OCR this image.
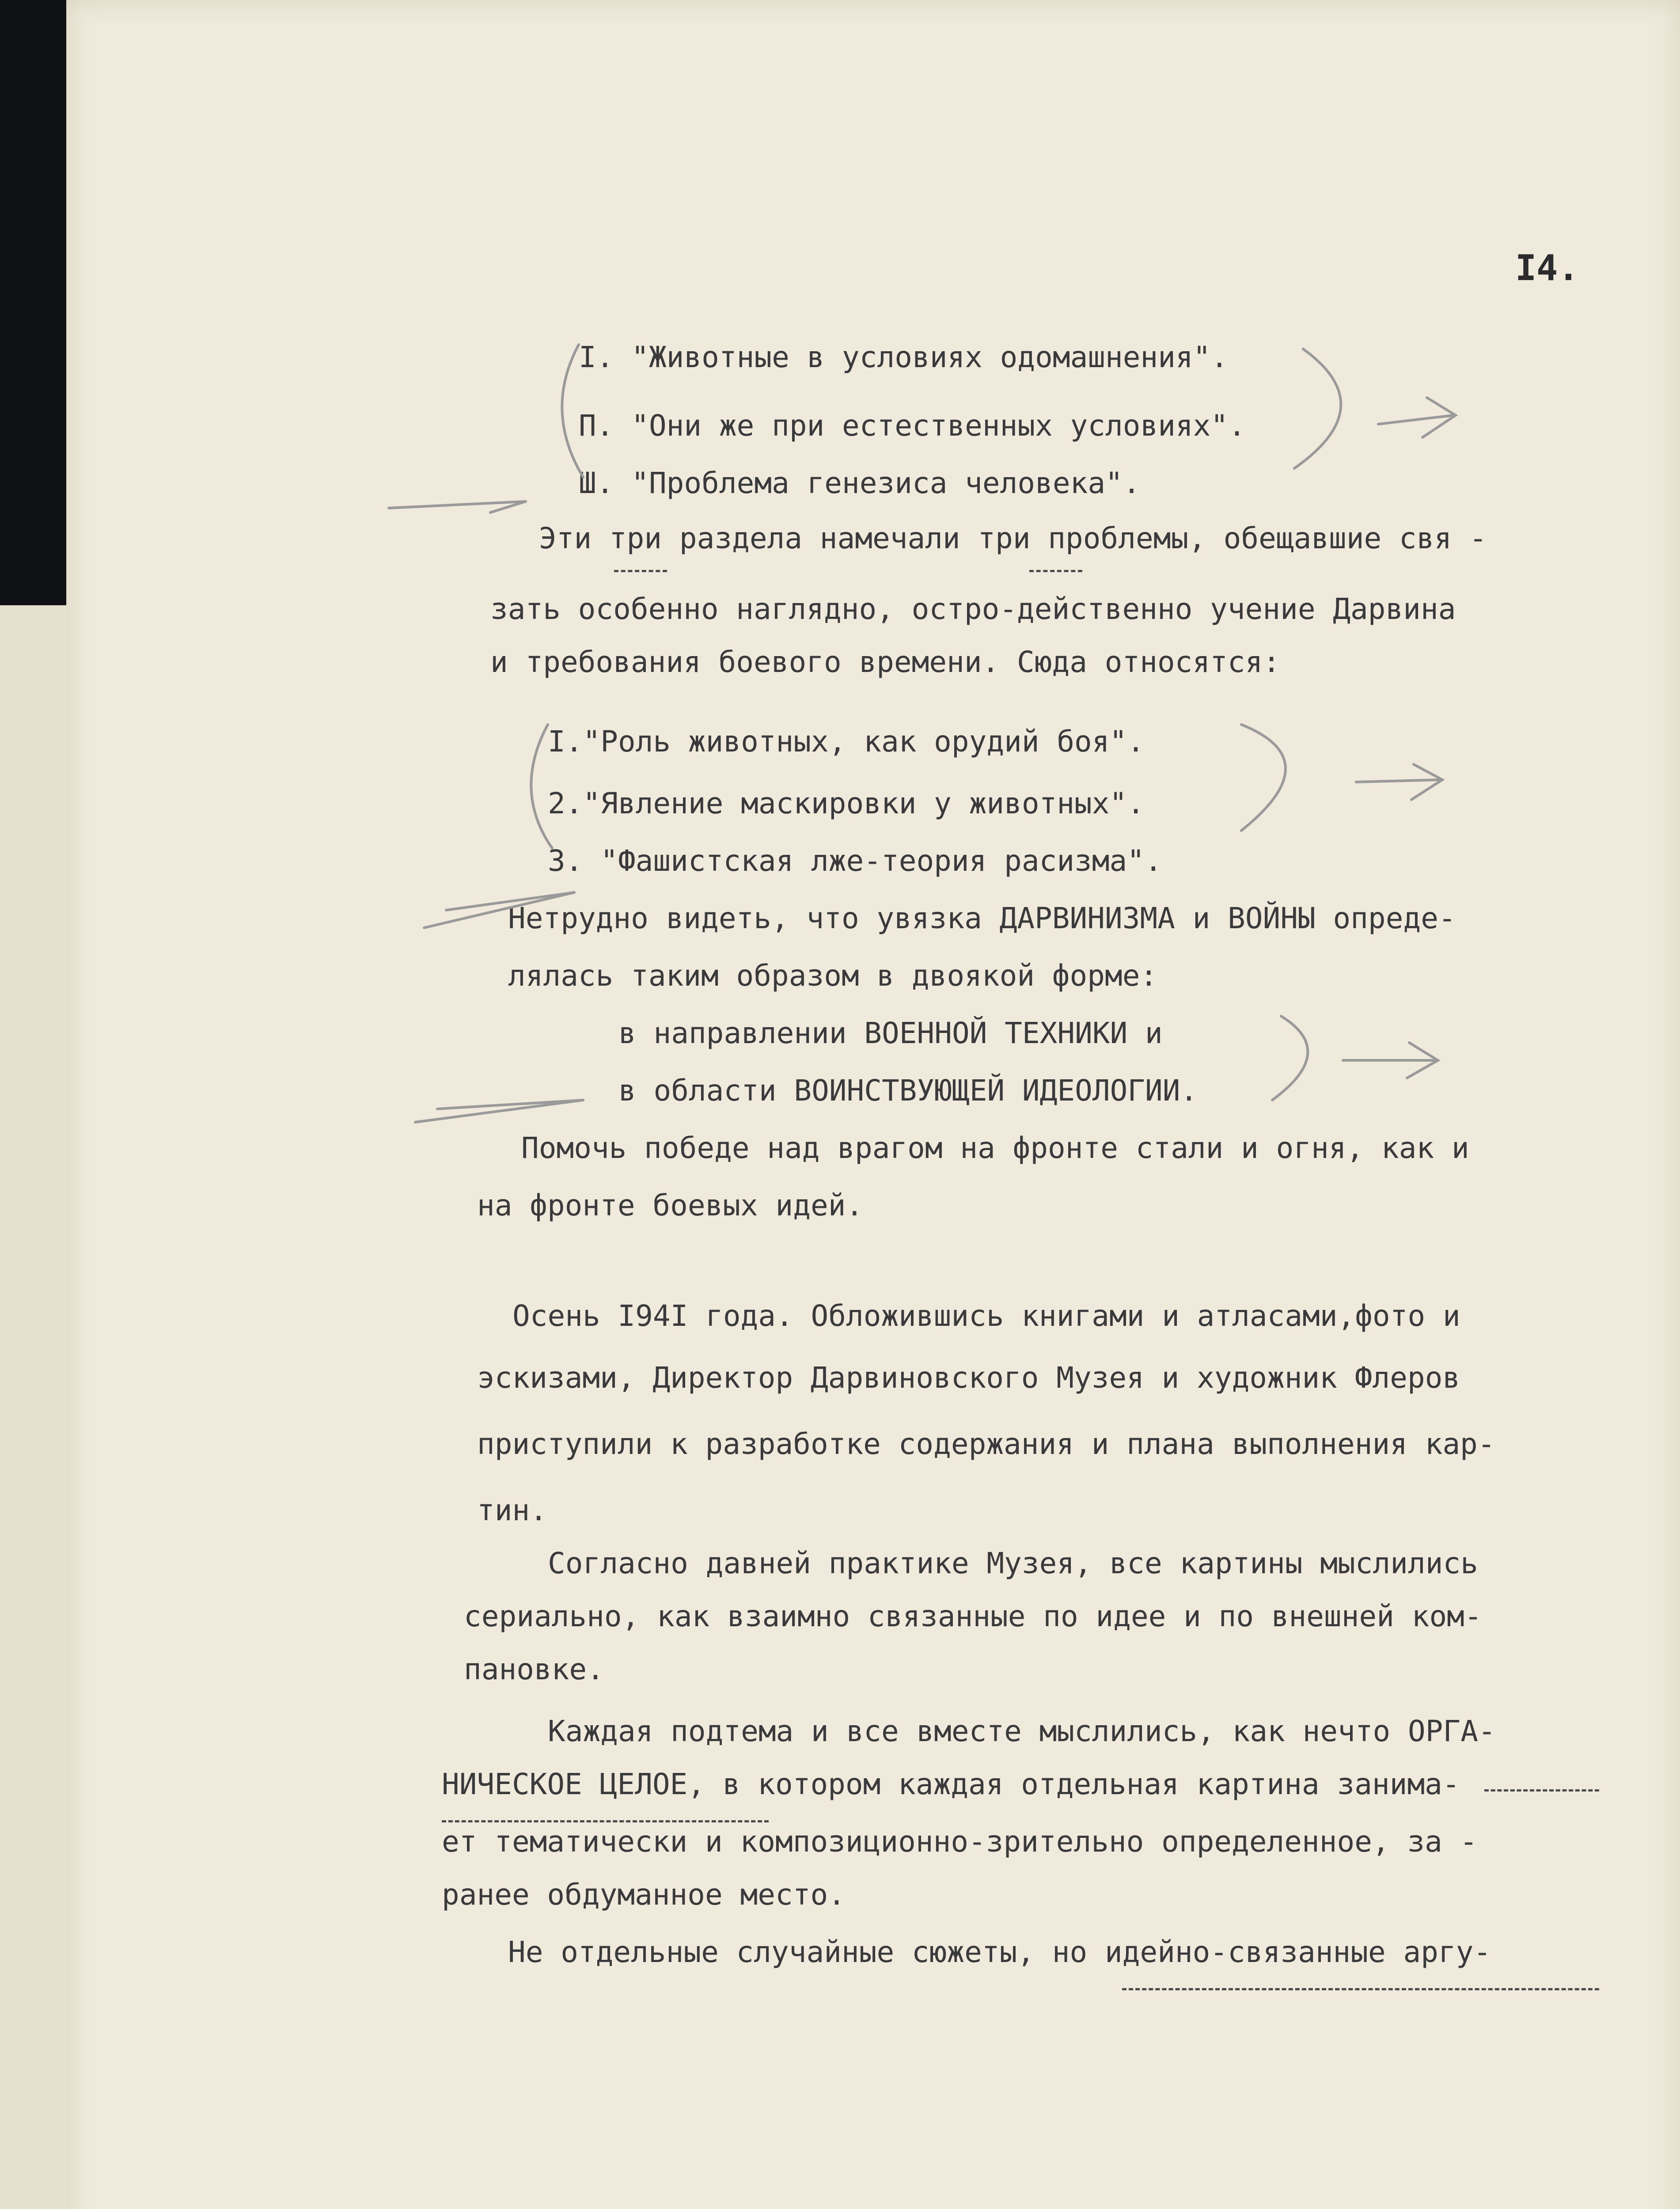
I4.
I. "Животные в условиях одомашнения".
П. "Они же при естественных условиях".
Ш. "Проблема генезиса человека".
Эти три раздела намечали три проблемы, обещавшие свя -
зать особенно наглядно, остро-действенно учение Дарвина
и требования боевого времени. Сюда относятся:
I."Роль животных, как орудий боя".
2."Явление маскировки у животных".
3. "Фашистская лже-теория расизма".
Нетрудно видеть, что увязка ДАРВИНИЗМА и ВОЙНЫ опреде-
лялась таким образом в двоякой форме:
в направлении ВОЕННОЙ ТЕХНИКИ и
в области ВОИНСТВУЮЩЕЙ ИДЕОЛОГИИ.
Помочь победе над врагом на фронте стали и огня, как и
на фронте боевых идей.
Осень I94I года. Обложившись книгами и атласами,фото и
эскизами, Директор Дарвиновского Музея и художник Флеров
приступили к разработке содержания и плана выполнения кар-
тин.
Согласно давней практике Музея, все картины мыслились
сериально, как взаимно связанные по идее и по внешней ком-
пановке.
Каждая подтема и все вместе мыслились, как нечто ОРГА-
НИЧЕСКОЕ ЦЕЛОЕ, в котором каждая отдельная картина занима-
ет тематически и композиционно-зрительно определенное, за -
ранее обдуманное место.
Не отдельные случайные сюжеты, но идейно-связанные аргу-
